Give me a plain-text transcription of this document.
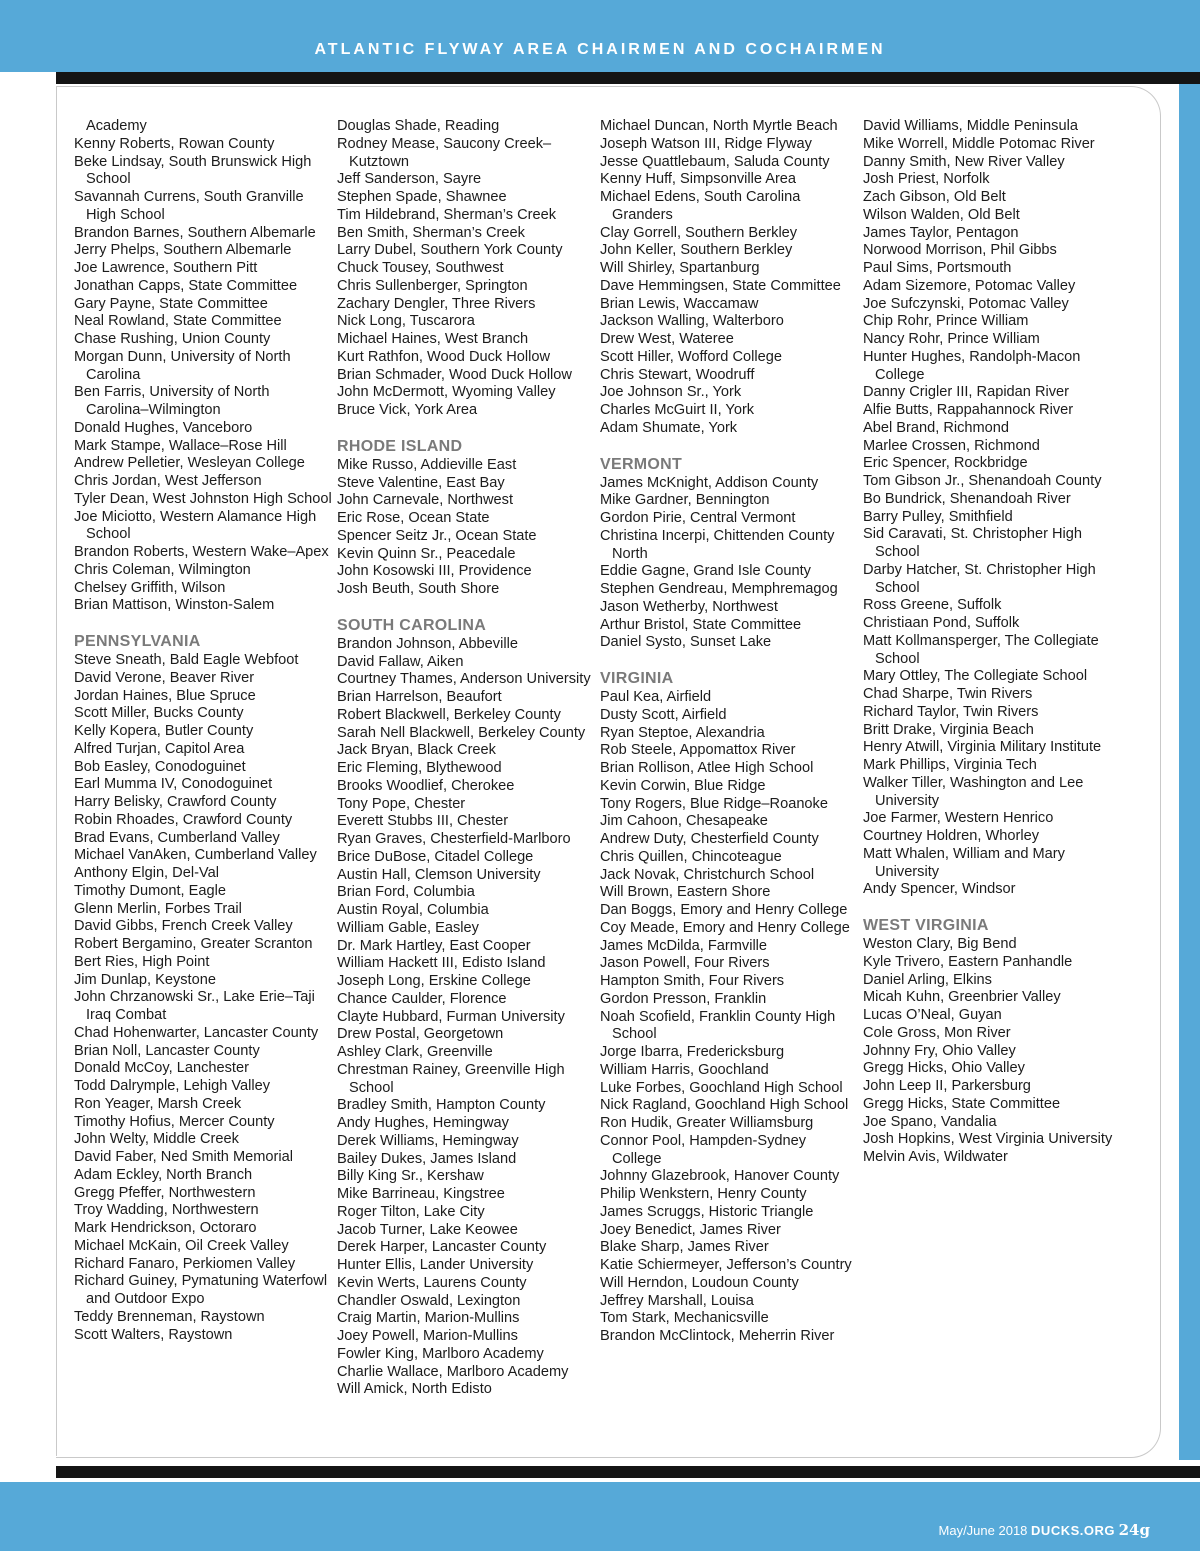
ATLANTIC FLYWAY AREA CHAIRMEN AND COCHAIRMEN

Academy

Kenny Roberts, Rowan County

Beke Lindsay, South Brunswick High School

Savannah Currens, South Granville High School

Brandon Barnes, Southern Albemarle

Jerry Phelps, Southern Albemarle

Joe Lawrence, Southern Pitt

Jonathan Capps, State Committee

Gary Payne, State Committee

Neal Rowland, State Committee

Chase Rushing, Union County

Morgan Dunn, University of North Carolina

Ben Farris, University of North Carolina–Wilmington

Donald Hughes, Vanceboro

Mark Stampe, Wallace–Rose Hill

Andrew Pelletier, Wesleyan College

Chris Jordan, West Jefferson

Tyler Dean, West Johnston High School

Joe Miciotto, Western Alamance High School

Brandon Roberts, Western Wake–Apex

Chris Coleman, Wilmington

Chelsey Griffith, Wilson

Brian Mattison, Winston-Salem

PENNSYLVANIA

Steve Sneath, Bald Eagle Webfoot

David Verone, Beaver River

Jordan Haines, Blue Spruce

Scott Miller, Bucks County

Kelly Kopera, Butler County

Alfred Turjan, Capitol Area

Bob Easley, Conodoguinet

Earl Mumma IV, Conodoguinet

Harry Belisky, Crawford County

Robin Rhoades, Crawford County

Brad Evans, Cumberland Valley

Michael VanAken, Cumberland Valley

Anthony Elgin, Del-Val

Timothy Dumont, Eagle

Glenn Merlin, Forbes Trail

David Gibbs, French Creek Valley

Robert Bergamino, Greater Scranton

Bert Ries, High Point

Jim Dunlap, Keystone

John Chrzanowski Sr., Lake Erie–Taji Iraq Combat

Chad Hohenwarter, Lancaster County

Brian Noll, Lancaster County

Donald McCoy, Lanchester

Todd Dalrymple, Lehigh Valley

Ron Yeager, Marsh Creek

Timothy Hofius, Mercer County

John Welty, Middle Creek

David Faber, Ned Smith Memorial

Adam Eckley, North Branch

Gregg Pfeffer, Northwestern

Troy Wadding, Northwestern

Mark Hendrickson, Octoraro

Michael McKain, Oil Creek Valley

Richard Fanaro, Perkiomen Valley

Richard Guiney, Pymatuning Waterfowl and Outdoor Expo

Teddy Brenneman, Raystown

Scott Walters, Raystown

Douglas Shade, Reading

Rodney Mease, Saucony Creek–Kutztown

Jeff Sanderson, Sayre

Stephen Spade, Shawnee

Tim Hildebrand, Sherman’s Creek

Ben Smith, Sherman’s Creek

Larry Dubel, Southern York County

Chuck Tousey, Southwest

Chris Sullenberger, Springton

Zachary Dengler, Three Rivers

Nick Long, Tuscarora

Michael Haines, West Branch

Kurt Rathfon, Wood Duck Hollow

Brian Schmader, Wood Duck Hollow

John McDermott, Wyoming Valley

Bruce Vick, York Area

RHODE ISLAND

Mike Russo, Addieville East

Steve Valentine, East Bay

John Carnevale, Northwest

Eric Rose, Ocean State

Spencer Seitz Jr., Ocean State

Kevin Quinn Sr., Peacedale

John Kosowski III, Providence

Josh Beuth, South Shore

SOUTH CAROLINA

Brandon Johnson, Abbeville

David Fallaw, Aiken

Courtney Thames, Anderson University

Brian Harrelson, Beaufort

Robert Blackwell, Berkeley County

Sarah Nell Blackwell, Berkeley County

Jack Bryan, Black Creek

Eric Fleming, Blythewood

Brooks Woodlief, Cherokee

Tony Pope, Chester

Everett Stubbs III, Chester

Ryan Graves, Chesterfield-Marlboro

Brice DuBose, Citadel College

Austin Hall, Clemson University

Brian Ford, Columbia

Austin Royal, Columbia

William Gable, Easley

Dr. Mark Hartley, East Cooper

William Hackett III, Edisto Island

Joseph Long, Erskine College

Chance Caulder, Florence

Clayte Hubbard, Furman University

Drew Postal, Georgetown

Ashley Clark, Greenville

Chrestman Rainey, Greenville High School

Bradley Smith, Hampton County

Andy Hughes, Hemingway

Derek Williams, Hemingway

Bailey Dukes, James Island

Billy King Sr., Kershaw

Mike Barrineau, Kingstree

Roger Tilton, Lake City

Jacob Turner, Lake Keowee

Derek Harper, Lancaster County

Hunter Ellis, Lander University

Kevin Werts, Laurens County

Chandler Oswald, Lexington

Craig Martin, Marion-Mullins

Joey Powell, Marion-Mullins

Fowler King, Marlboro Academy

Charlie Wallace, Marlboro Academy

Will Amick, North Edisto

Michael Duncan, North Myrtle Beach

Joseph Watson III, Ridge Flyway

Jesse Quattlebaum, Saluda County

Kenny Huff, Simpsonville Area

Michael Edens, South Carolina Granders

Clay Gorrell, Southern Berkley

John Keller, Southern Berkley

Will Shirley, Spartanburg

Dave Hemmingsen, State Committee

Brian Lewis, Waccamaw

Jackson Walling, Walterboro

Drew West, Wateree

Scott Hiller, Wofford College

Chris Stewart, Woodruff

Joe Johnson Sr., York

Charles McGuirt II, York

Adam Shumate, York

VERMONT

James McKnight, Addison County

Mike Gardner, Bennington

Gordon Pirie, Central Vermont

Christina Incerpi, Chittenden County North

Eddie Gagne, Grand Isle County

Stephen Gendreau, Memphremagog

Jason Wetherby, Northwest

Arthur Bristol, State Committee

Daniel Systo, Sunset Lake

VIRGINIA

Paul Kea, Airfield

Dusty Scott, Airfield

Ryan Steptoe, Alexandria

Rob Steele, Appomattox River

Brian Rollison, Atlee High School

Kevin Corwin, Blue Ridge

Tony Rogers, Blue Ridge–Roanoke

Jim Cahoon, Chesapeake

Andrew Duty, Chesterfield County

Chris Quillen, Chincoteague

Jack Novak, Christchurch School

Will Brown, Eastern Shore

Dan Boggs, Emory and Henry College

Coy Meade, Emory and Henry College

James McDilda, Farmville

Jason Powell, Four Rivers

Hampton Smith, Four Rivers

Gordon Presson, Franklin

Noah Scofield, Franklin County High School

Jorge Ibarra, Fredericksburg

William Harris, Goochland

Luke Forbes, Goochland High School

Nick Ragland, Goochland High School

Ron Hudik, Greater Williamsburg

Connor Pool, Hampden-Sydney College

Johnny Glazebrook, Hanover County

Philip Wenkstern, Henry County

James Scruggs, Historic Triangle

Joey Benedict, James River

Blake Sharp, James River

Katie Schiermeyer, Jefferson’s Country

Will Herndon, Loudoun County

Jeffrey Marshall, Louisa

Tom Stark, Mechanicsville

Brandon McClintock, Meherrin River

David Williams, Middle Peninsula

Mike Worrell, Middle Potomac River

Danny Smith, New River Valley

Josh Priest, Norfolk

Zach Gibson, Old Belt

Wilson Walden, Old Belt

James Taylor, Pentagon

Norwood Morrison, Phil Gibbs

Paul Sims, Portsmouth

Adam Sizemore, Potomac Valley

Joe Sufczynski, Potomac Valley

Chip Rohr, Prince William

Nancy Rohr, Prince William

Hunter Hughes, Randolph-Macon College

Danny Crigler III, Rapidan River

Alfie Butts, Rappahannock River

Abel Brand, Richmond

Marlee Crossen, Richmond

Eric Spencer, Rockbridge

Tom Gibson Jr., Shenandoah County

Bo Bundrick, Shenandoah River

Barry Pulley, Smithfield

Sid Caravati, St. Christopher High School

Darby Hatcher, St. Christopher High School

Ross Greene, Suffolk

Christiaan Pond, Suffolk

Matt Kollmansperger, The Collegiate School

Mary Ottley, The Collegiate School

Chad Sharpe, Twin Rivers

Richard Taylor, Twin Rivers

Britt Drake, Virginia Beach

Henry Atwill, Virginia Military Institute

Mark Phillips, Virginia Tech

Walker Tiller, Washington and Lee University

Joe Farmer, Western Henrico

Courtney Holdren, Whorley

Matt Whalen, William and Mary University

Andy Spencer, Windsor

WEST VIRGINIA

Weston Clary, Big Bend

Kyle Trivero, Eastern Panhandle

Daniel Arling, Elkins

Micah Kuhn, Greenbrier Valley

Lucas O’Neal, Guyan

Cole Gross, Mon River

Johnny Fry, Ohio Valley

Gregg Hicks, Ohio Valley

John Leep II, Parkersburg

Gregg Hicks, State Committee

Joe Spano, Vandalia

Josh Hopkins, West Virginia University

Melvin Avis, Wildwater

May/June 2018 DUCKS.ORG 24g
